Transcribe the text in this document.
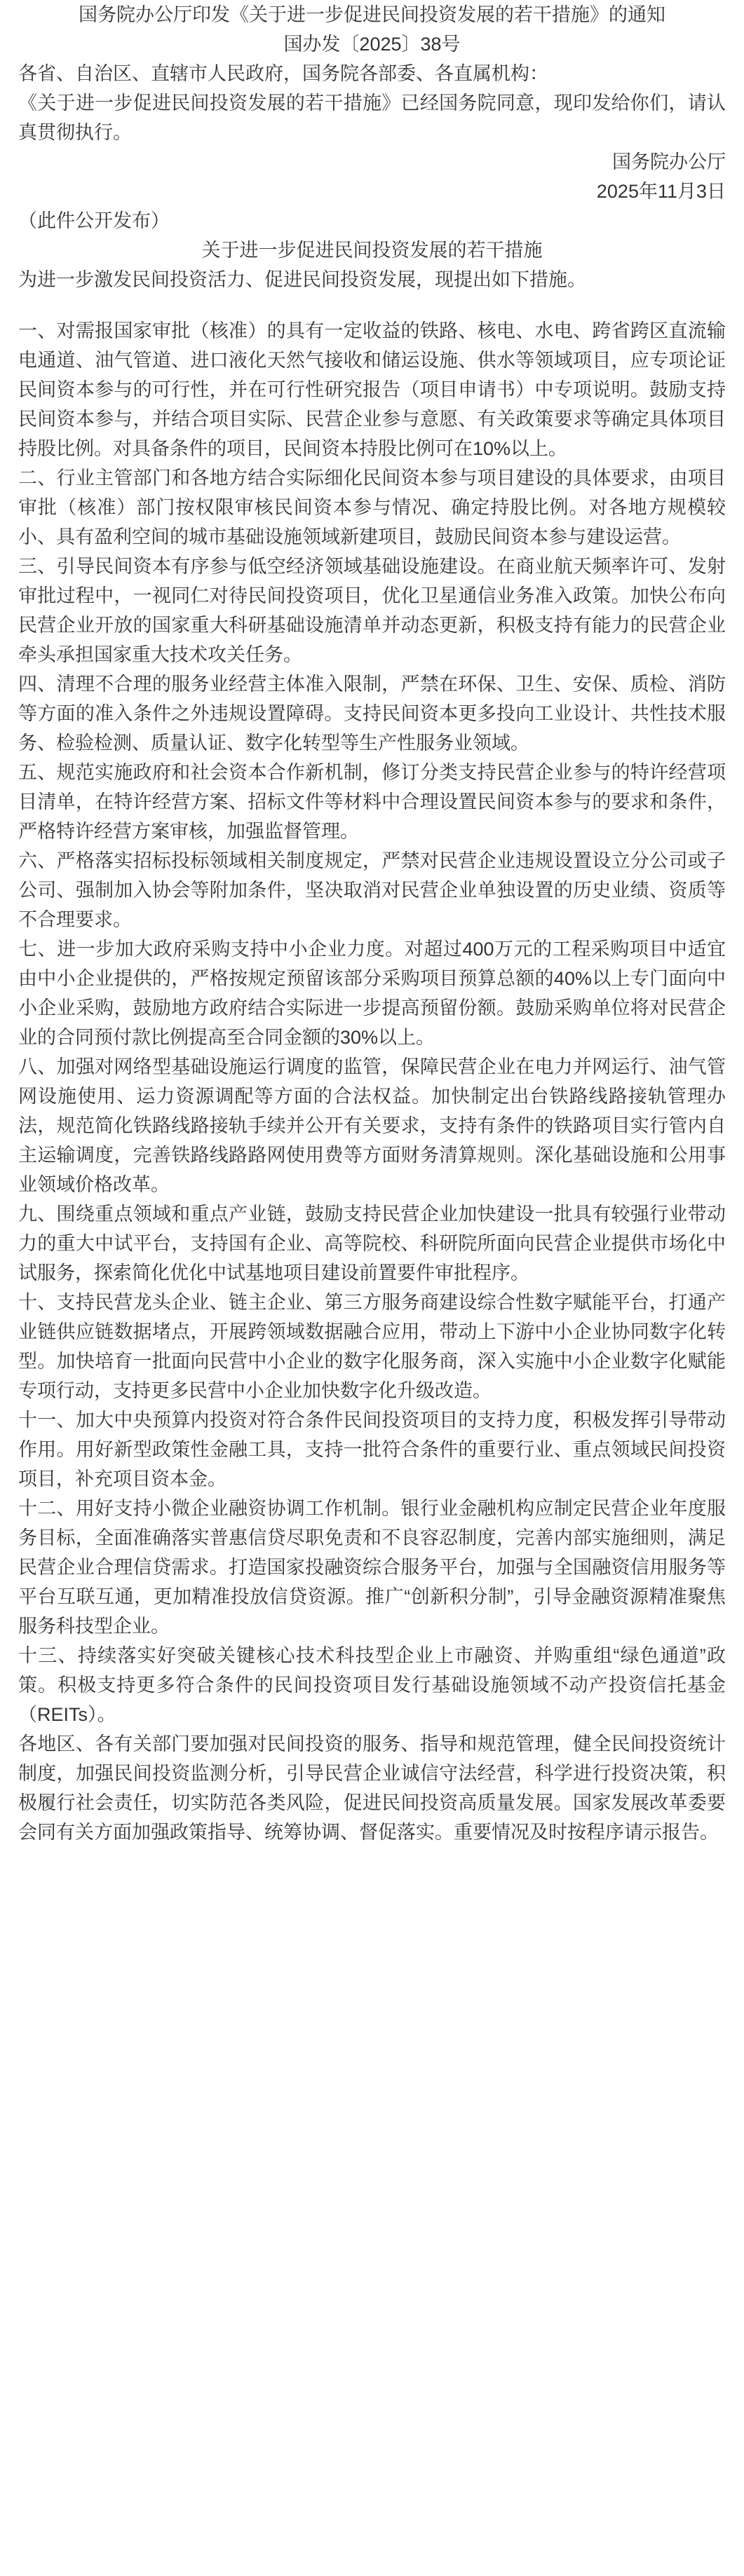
国务院办公厅印发《关于进一步促进民间投资发展的若干措施》的通知

国办发〔2025〕38号

各省、自治区、直辖市人民政府，国务院各部委、各直属机构：

《关于进一步促进民间投资发展的若干措施》已经国务院同意，现印发给你们，请认真贯彻执行。

国务院办公厅

2025年11月3日

（此件公开发布）

关于进一步促进民间投资发展的若干措施

为进一步激发民间投资活力、促进民间投资发展，现提出如下措施。

一、对需报国家审批（核准）的具有一定收益的铁路、核电、水电、跨省跨区直流输电通道、油气管道、进口液化天然气接收和储运设施、供水等领域项目，应专项论证民间资本参与的可行性，并在可行性研究报告（项目申请书）中专项说明。鼓励支持民间资本参与，并结合项目实际、民营企业参与意愿、有关政策要求等确定具体项目持股比例。对具备条件的项目，民间资本持股比例可在10%以上。

二、行业主管部门和各地方结合实际细化民间资本参与项目建设的具体要求，由项目审批（核准）部门按权限审核民间资本参与情况、确定持股比例。对各地方规模较小、具有盈利空间的城市基础设施领域新建项目，鼓励民间资本参与建设运营。

三、引导民间资本有序参与低空经济领域基础设施建设。在商业航天频率许可、发射审批过程中，一视同仁对待民间投资项目，优化卫星通信业务准入政策。加快公布向民营企业开放的国家重大科研基础设施清单并动态更新，积极支持有能力的民营企业牵头承担国家重大技术攻关任务。

四、清理不合理的服务业经营主体准入限制，严禁在环保、卫生、安保、质检、消防等方面的准入条件之外违规设置障碍。支持民间资本更多投向工业设计、共性技术服务、检验检测、质量认证、数字化转型等生产性服务业领域。

五、规范实施政府和社会资本合作新机制，修订分类支持民营企业参与的特许经营项目清单，在特许经营方案、招标文件等材料中合理设置民间资本参与的要求和条件，严格特许经营方案审核，加强监督管理。

六、严格落实招标投标领域相关制度规定，严禁对民营企业违规设置设立分公司或子公司、强制加入协会等附加条件，坚决取消对民营企业单独设置的历史业绩、资质等不合理要求。

七、进一步加大政府采购支持中小企业力度。对超过400万元的工程采购项目中适宜由中小企业提供的，严格按规定预留该部分采购项目预算总额的40%以上专门面向中小企业采购，鼓励地方政府结合实际进一步提高预留份额。鼓励采购单位将对民营企业的合同预付款比例提高至合同金额的30%以上。

八、加强对网络型基础设施运行调度的监管，保障民营企业在电力并网运行、油气管网设施使用、运力资源调配等方面的合法权益。加快制定出台铁路线路接轨管理办法，规范简化铁路线路接轨手续并公开有关要求，支持有条件的铁路项目实行管内自主运输调度，完善铁路线路路网使用费等方面财务清算规则。深化基础设施和公用事业领域价格改革。

九、围绕重点领域和重点产业链，鼓励支持民营企业加快建设一批具有较强行业带动力的重大中试平台，支持国有企业、高等院校、科研院所面向民营企业提供市场化中试服务，探索简化优化中试基地项目建设前置要件审批程序。

十、支持民营龙头企业、链主企业、第三方服务商建设综合性数字赋能平台，打通产业链供应链数据堵点，开展跨领域数据融合应用，带动上下游中小企业协同数字化转型。加快培育一批面向民营中小企业的数字化服务商，深入实施中小企业数字化赋能专项行动，支持更多民营中小企业加快数字化升级改造。

十一、加大中央预算内投资对符合条件民间投资项目的支持力度，积极发挥引导带动作用。用好新型政策性金融工具，支持一批符合条件的重要行业、重点领域民间投资项目，补充项目资本金。

十二、用好支持小微企业融资协调工作机制。银行业金融机构应制定民营企业年度服务目标，全面准确落实普惠信贷尽职免责和不良容忍制度，完善内部实施细则，满足民营企业合理信贷需求。打造国家投融资综合服务平台，加强与全国融资信用服务等平台互联互通，更加精准投放信贷资源。推广“创新积分制”，引导金融资源精准聚焦服务科技型企业。

十三、持续落实好突破关键核心技术科技型企业上市融资、并购重组“绿色通道”政策。积极支持更多符合条件的民间投资项目发行基础设施领域不动产投资信托基金（REITs）。

各地区、各有关部门要加强对民间投资的服务、指导和规范管理，健全民间投资统计制度，加强民间投资监测分析，引导民营企业诚信守法经营，科学进行投资决策，积极履行社会责任，切实防范各类风险，促进民间投资高质量发展。国家发展改革委要会同有关方面加强政策指导、统筹协调、督促落实。重要情况及时按程序请示报告。
